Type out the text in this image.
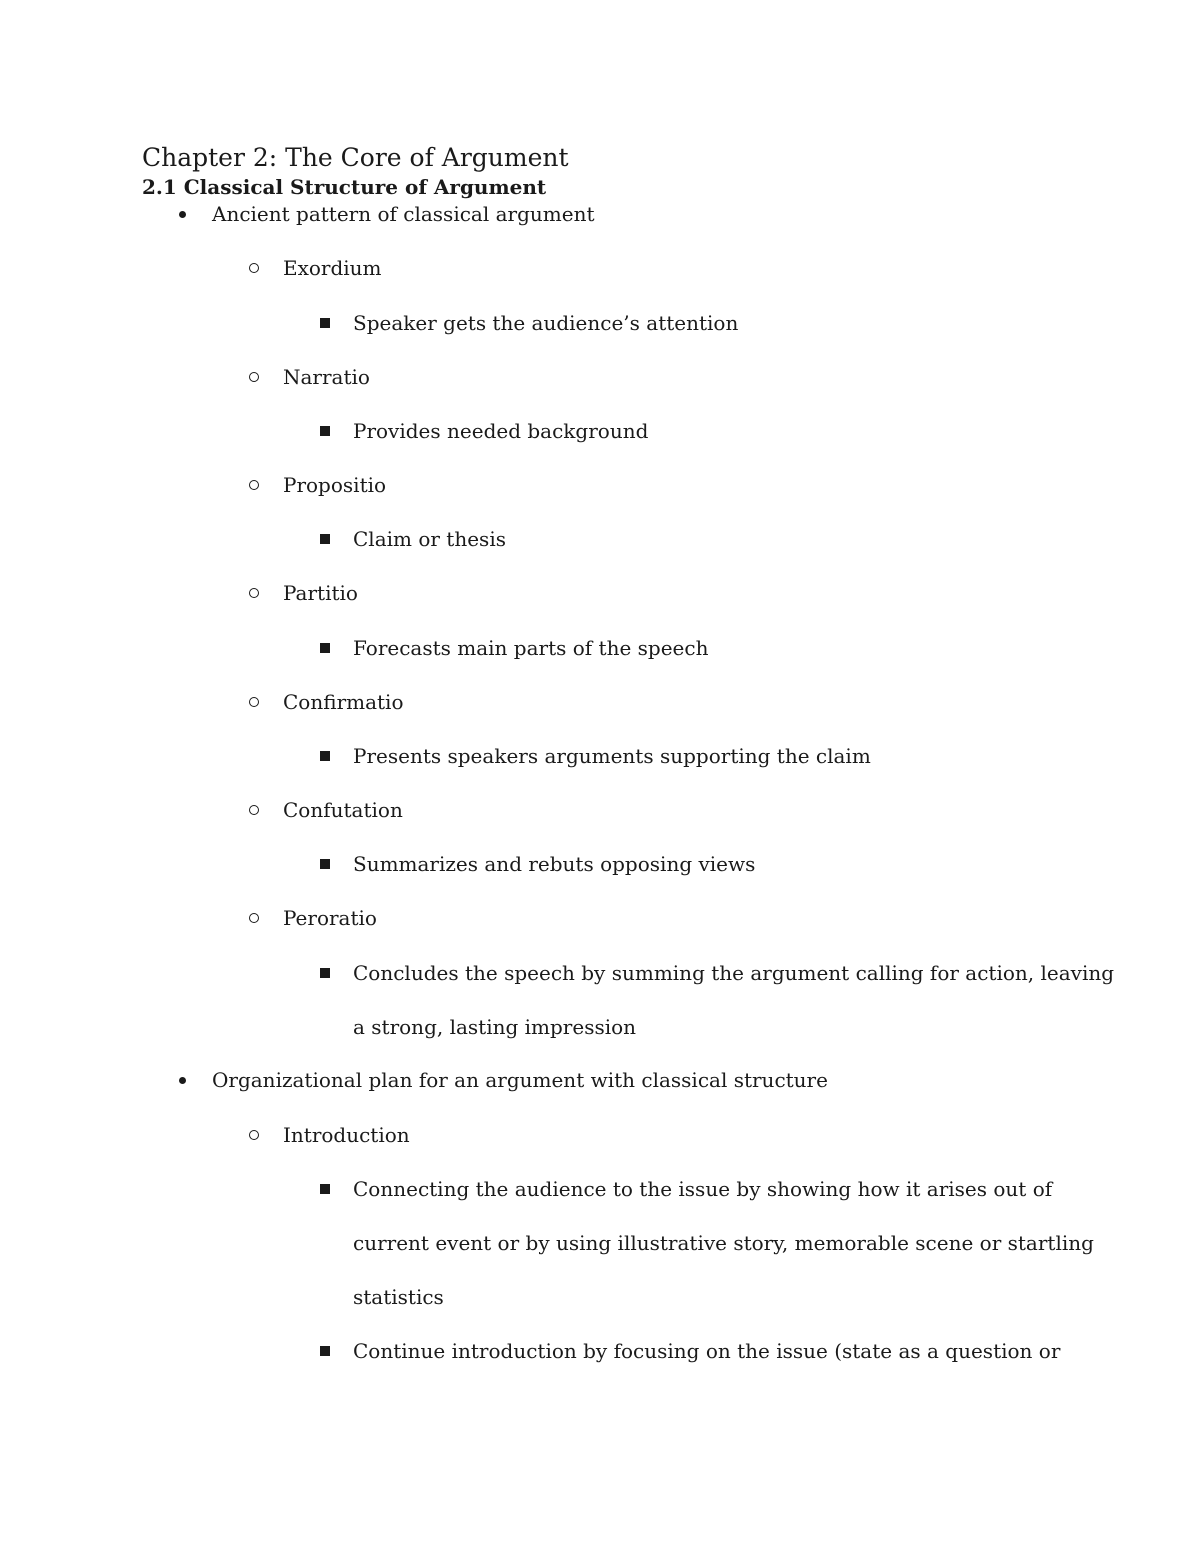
Chapter 2: The Core of Argument
2.1 Classical Structure of Argument
Ancient pattern of classical argument
Exordium
Speaker gets the audience’s attention
Narratio
Provides needed background
Propositio
Claim or thesis
Partitio
Forecasts main parts of the speech
Confirmatio
Presents speakers arguments supporting the claim
Confutation
Summarizes and rebuts opposing views
Peroratio
Concludes the speech by summing the argument calling for action, leaving
a strong, lasting impression
Organizational plan for an argument with classical structure
Introduction
Connecting the audience to the issue by showing how it arises out of
current event or by using illustrative story, memorable scene or startling
statistics
Continue introduction by focusing on the issue (state as a question or
